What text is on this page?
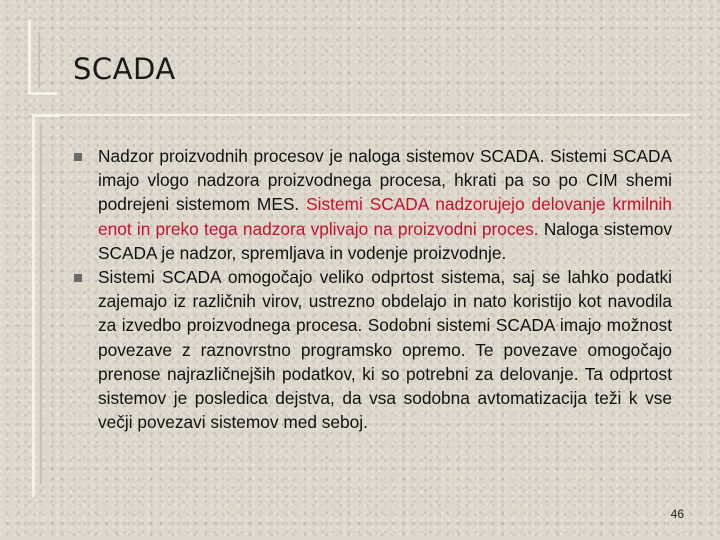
SCADA
Nadzor proizvodnih procesov je naloga sistemov SCADA. Sistemi SCADA imajo vlogo nadzora proizvodnega procesa, hkrati pa so po CIM shemi podrejeni sistemom MES. Sistemi SCADA nadzorujejo delovanje krmilnih enot in preko tega nadzora vplivajo na proizvodni proces. Naloga sistemov SCADA je nadzor, spremljava in vodenje proizvodnje.
Sistemi SCADA omogočajo veliko odprtost sistema, saj se lahko podatki zajemajo iz različnih virov, ustrezno obdelajo in nato koristijo kot navodila za izvedbo proizvodnega procesa. Sodobni sistemi SCADA imajo možnost povezave z raznovrstno programsko opremo. Te povezave omogočajo prenose najrazličnejših podatkov, ki so potrebni za delovanje. Ta odprtost sistemov je posledica dejstva, da vsa sodobna avtomatizacija teži k vse večji povezavi sistemov med seboj.
46
